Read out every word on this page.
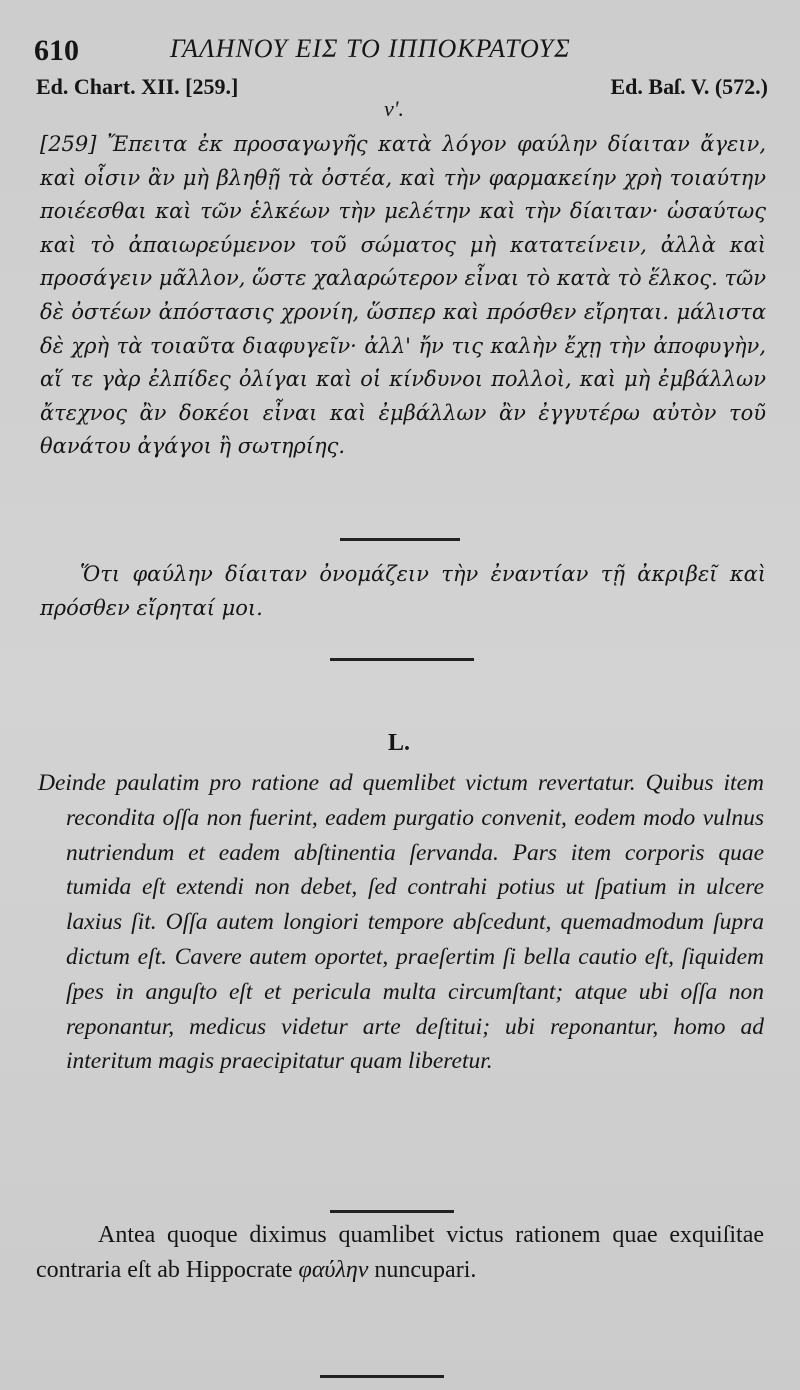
610	ΓΑΛΗΝΟΥ ΕΙΣ ΤΟ ΙΠΠΟΚΡΑΤΟΥΣ
Ed. Chart. XII. [259.]	Ed. Baſ. V. (572.)
ν'.
[259] Ἔπειτα ἐκ προσαγωγῆς κατὰ λόγον φαύλην δίαιταν ἄγειν, καὶ οἷσιν ἂν μὴ βληθῇ τὰ ὀστέα, καὶ τὴν φαρμακείην χρὴ τοιαύτην ποιέεσθαι καὶ τῶν ἑλκέων τὴν μελέτην καὶ τὴν δίαιταν· ὡσαύτως καὶ τὸ ἀπαιωρεύμενον τοῦ σώματος μὴ κατατείνειν, ἀλλὰ καὶ προσάγειν μᾶλλον, ὥστε χαλαρώτερον εἶναι τὸ κατὰ τὸ ἕλκος. τῶν δὲ ὀστέων ἀπόστασις χρονίη, ὥσπερ καὶ πρόσθεν εἴρηται. μάλιστα δὲ χρὴ τὰ τοιαῦτα διαφυγεῖν· ἀλλ' ἤν τις καλὴν ἔχῃ τὴν ἀποφυγὴν, αἵ τε γὰρ ἐλπίδες ὀλίγαι καὶ οἱ κίνδυνοι πολλοὶ, καὶ μὴ ἐμβάλλων ἄτεχνος ἂν δοκέοι εἶναι καὶ ἐμβάλλων ἂν ἐγγυτέρω αὐτὸν τοῦ θανάτου ἀγάγοι ἢ σωτηρίης.
Ὅτι φαύλην δίαιταν ὀνομάζειν τὴν ἐναντίαν τῇ ἀκριβεῖ καὶ πρόσθεν εἴρηταί μοι.
L.
Deinde paulatim pro ratione ad quemlibet victum revertatur. Quibus item recondita oſſa non fuerint, eadem purgatio convenit, eodem modo vulnus nutriendum et eadem abſtinentia ſervanda. Pars item corporis quae tumida eſt extendi non debet, ſed contrahi potius ut ſpatium in ulcere laxius ſit. Oſſa autem longiori tempore abſcedunt, quemadmodum ſupra dictum eſt. Cavere autem oportet, praeſertim ſi bella cautio eſt, ſiquidem ſpes in anguſto eſt et pericula multa circumſtant; atque ubi oſſa non reponantur, medicus videtur arte deſtitui; ubi reponantur, homo ad interitum magis praecipitatur quam liberetur.
Antea quoque diximus quamlibet victus rationem quae exquiſitae contraria eſt ab Hippocrate φαύλην nuncupari.
